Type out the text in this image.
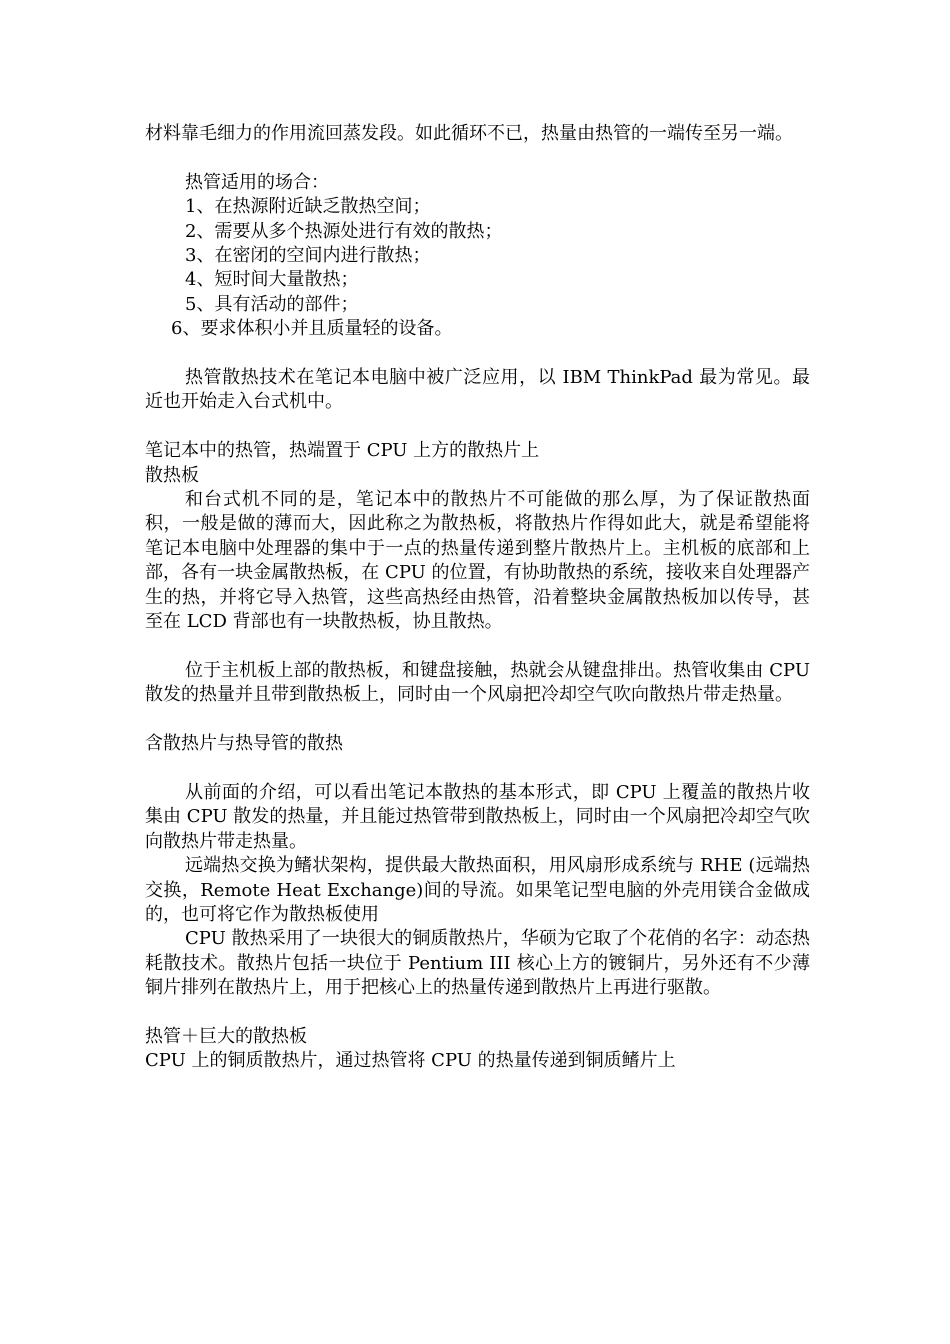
材料靠毛细力的作用流回蒸发段。如此循环不已，热量由热管的一端传至另一端。

热管适用的场合：

1、在热源附近缺乏散热空间；

2、需要从多个热源处进行有效的散热；

3、在密闭的空间内进行散热；

4、短时间大量散热；

5、具有活动的部件；

6、要求体积小并且质量轻的设备。

热管散热技术在笔记本电脑中被广泛应用，以 IBM ThinkPad 最为常见。最近也开始走入台式机中。

笔记本中的热管，热端置于 CPU 上方的散热片上

散热板

和台式机不同的是，笔记本中的散热片不可能做的那么厚，为了保证散热面积，一般是做的薄而大，因此称之为散热板，将散热片作得如此大，就是希望能将笔记本电脑中处理器的集中于一点的热量传递到整片散热片上。主机板的底部和上部，各有一块金属散热板，在 CPU 的位置，有协助散热的系统，接收来自处理器产生的热，并将它导入热管，这些高热经由热管，沿着整块金属散热板加以传导，甚至在 LCD 背部也有一块散热板，协且散热。

位于主机板上部的散热板，和键盘接触，热就会从键盘排出。热管收集由 CPU 散发的热量并且带到散热板上，同时由一个风扇把冷却空气吹向散热片带走热量。

含散热片与热导管的散热

从前面的介绍，可以看出笔记本散热的基本形式，即 CPU 上覆盖的散热片收集由 CPU 散发的热量，并且能过热管带到散热板上，同时由一个风扇把冷却空气吹向散热片带走热量。

远端热交换为鳍状架构，提供最大散热面积，用风扇形成系统与 RHE (远端热交换，Remote Heat Exchange)间的导流。如果笔记型电脑的外壳用镁合金做成的，也可将它作为散热板使用

CPU 散热采用了一块很大的铜质散热片，华硕为它取了个花俏的名字：动态热耗散技术。散热片包括一块位于 Pentium III 核心上方的镀铜片，另外还有不少薄铜片排列在散热片上，用于把核心上的热量传递到散热片上再进行驱散。

热管＋巨大的散热板

CPU 上的铜质散热片，通过热管将 CPU 的热量传递到铜质鳍片上
